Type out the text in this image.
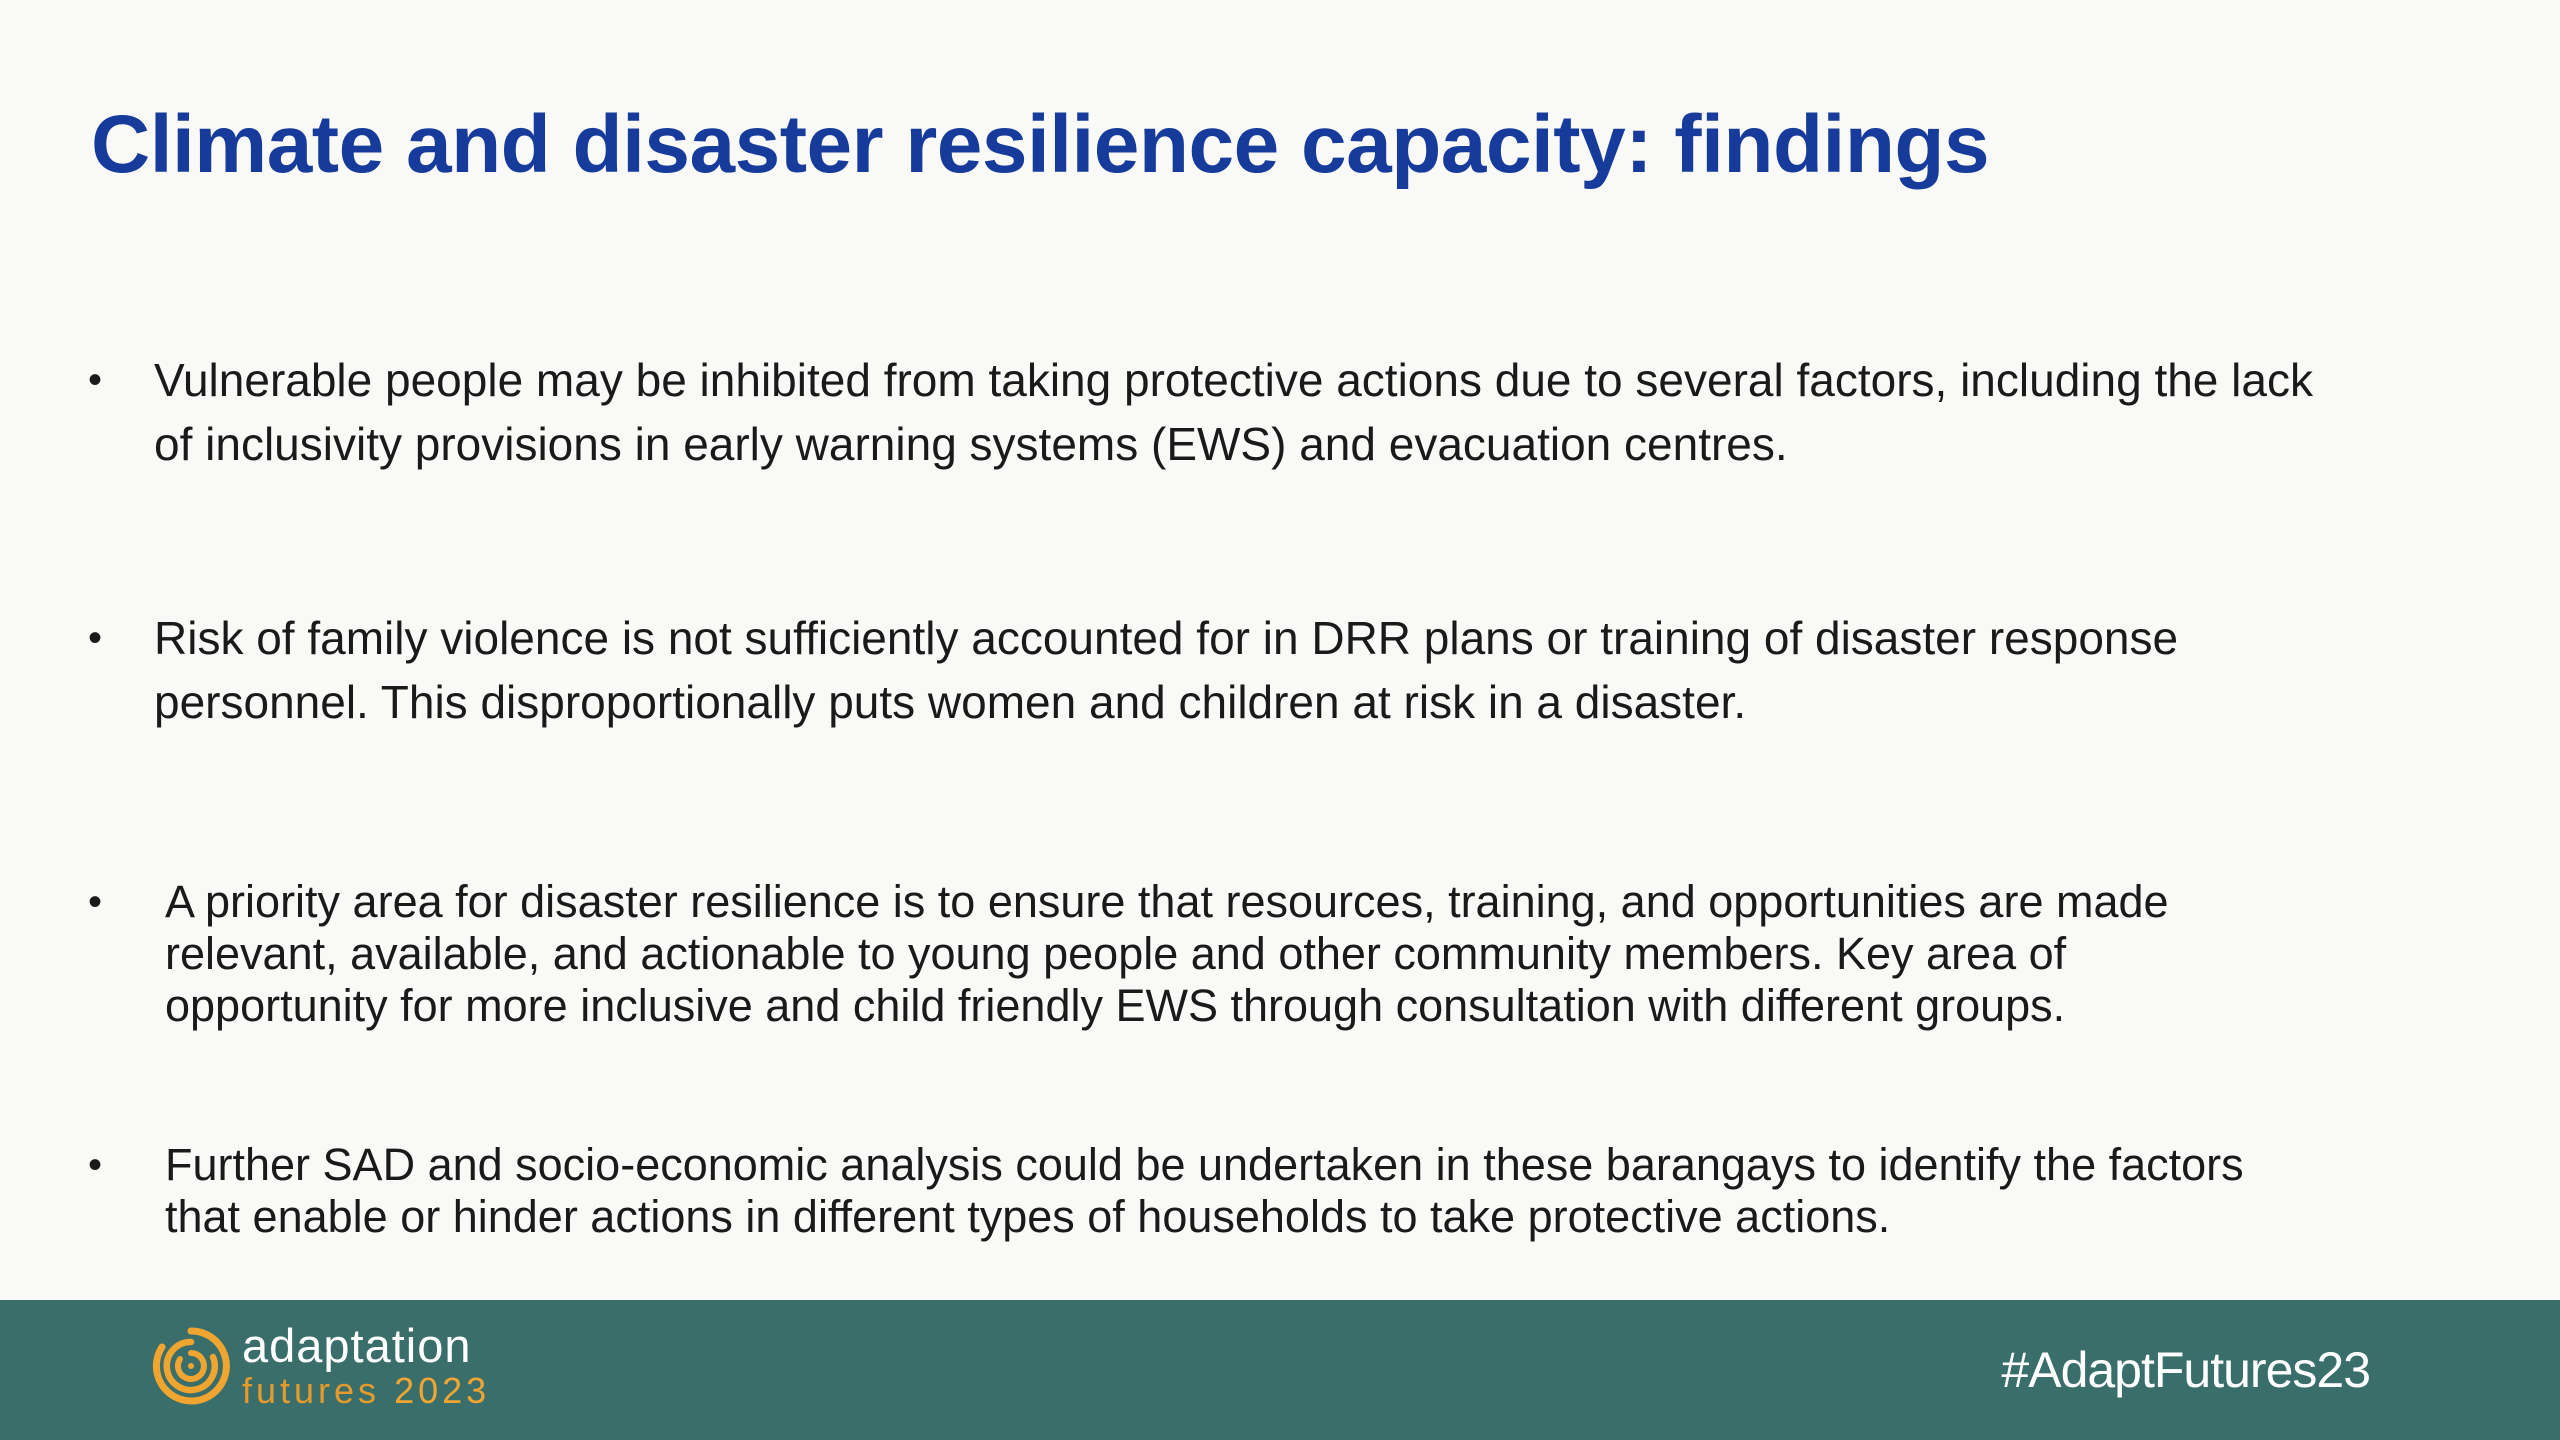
Climate and disaster resilience capacity: findings
• Vulnerable people may be inhibited from taking protective actions due to several factors, including the lack
of inclusivity provisions in early warning systems (EWS) and evacuation centres.
• Risk of family violence is not sufficiently accounted for in DRR plans or training of disaster response
personnel. This disproportionally puts women and children at risk in a disaster.
• A priority area for disaster resilience is to ensure that resources, training, and opportunities are made
relevant, available, and actionable to young people and other community members. Key area of
opportunity for more inclusive and child friendly EWS through consultation with different groups.
• Further SAD and socio-economic analysis could be undertaken in these barangays to identify the factors
that enable or hinder actions in different types of households to take protective actions.
adaptation
futures 2023	#AdaptFutures23
